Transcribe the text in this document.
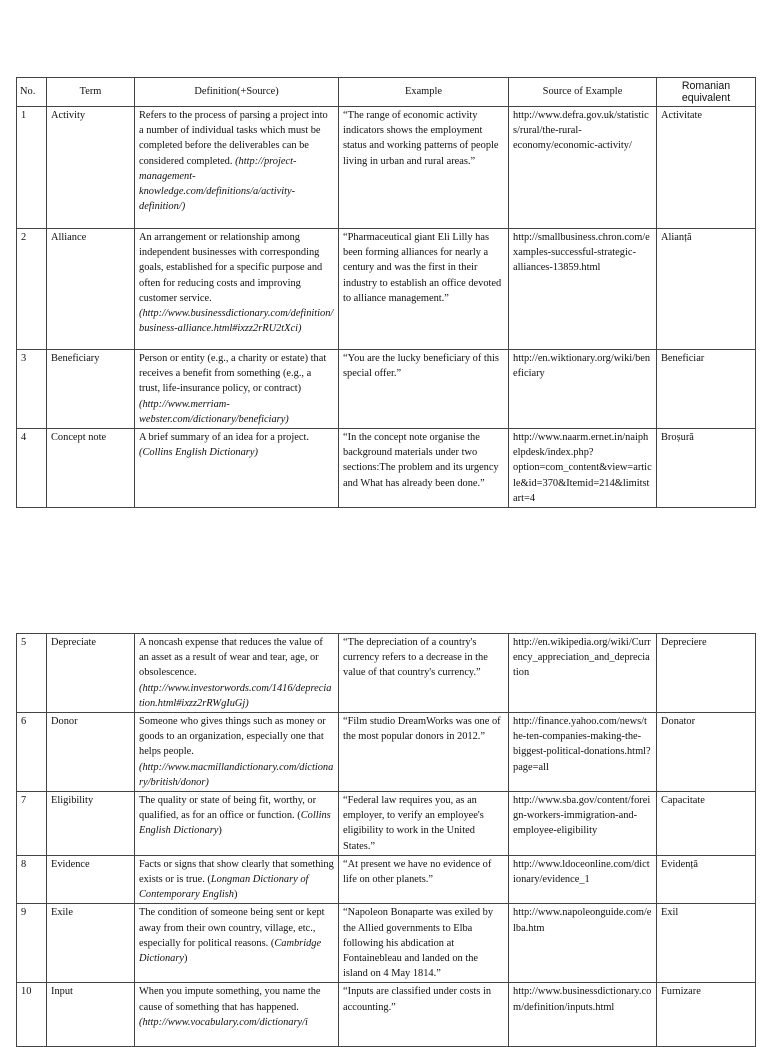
No.	Term	Definition(+Source)	Example	Source of Example	Romanian equivalent
1	Activity	Refers to the process of parsing a project into a number of individual tasks which must be completed before the deliverables can be considered completed. (http://project-management-knowledge.com/definitions/a/activity-definition/)	“The range of economic activity indicators shows the employment status and working patterns of people living in urban and rural areas.”	http://www.defra.gov.uk/statistics/rural/the-rural-economy/economic-activity/	Activitate
2	Alliance	An arrangement or relationship among independent businesses with corresponding goals, established for a specific purpose and often for reducing costs and improving customer service. (http://www.businessdictionary.com/definition/business-alliance.html#ixzz2rRU2tXci)	“Pharmaceutical giant Eli Lilly has been forming alliances for nearly a century and was the first in their industry to establish an office devoted to alliance management.”	http://smallbusiness.chron.com/examples-successful-strategic-alliances-13859.html	Alianță
3	Beneficiary	Person or entity (e.g., a charity or estate) that receives a benefit from something (e.g., a trust, life-insurance policy, or contract) (http://www.merriam-webster.com/dictionary/beneficiary)	“You are the lucky beneficiary of this special offer.”	http://en.wiktionary.org/wiki/beneficiary	Beneficiar
4	Concept note	A brief summary of an idea for a project. (Collins English Dictionary)	“In the concept note organise the background materials under two sections:The problem and its urgency and What has already been done.”	http://www.naarm.ernet.in/naiphelpdesk/index.php?option=com_content&view=article&id=370&Itemid=214&limitstart=4	Broșură
5	Depreciate	A noncash expense that reduces the value of an asset as a result of wear and tear, age, or obsolescence. (http://www.investorwords.com/1416/depreciation.html#ixzz2rRWgIuGj)	“The depreciation of a country's currency refers to a decrease in the value of that country's currency.”	http://en.wikipedia.org/wiki/Currency_appreciation_and_depreciation	Depreciere
6	Donor	Someone who gives things such as money or goods to an organization, especially one that helps people. (http://www.macmillandictionary.com/dictionary/british/donor)	“Film studio DreamWorks was one of the most popular donors in 2012.”	http://finance.yahoo.com/news/the-ten-companies-making-the-biggest-political-donations.html?page=all	Donator
7	Eligibility	The quality or state of being fit, worthy, or qualified, as for an office or function. (Collins English Dictionary)	“Federal law requires you, as an employer, to verify an employee's eligibility to work in the United States.”	http://www.sba.gov/content/foreign-workers-immigration-and-employee-eligibility	Capacitate
8	Evidence	Facts or signs that show clearly that something exists or is true. (Longman Dictionary of Contemporary English)	“At present we have no evidence of life on other planets.”	http://www.ldoceonline.com/dictionary/evidence_1	Evidență
9	Exile	The condition of someone being sent or kept away from their own country, village, etc., especially for political reasons. (Cambridge Dictionary)	“Napoleon Bonaparte was exiled by the Allied governments to Elba following his abdication at Fontainebleau and landed on the island on 4 May 1814.”	http://www.napoleonguide.com/elba.htm	Exil
10	Input	When you impute something, you name the cause of something that has happened. (http://www.vocabulary.com/dictionary/i	“Inputs are classified under costs in accounting.”	http://www.businessdictionary.com/definition/inputs.html	Furnizare
